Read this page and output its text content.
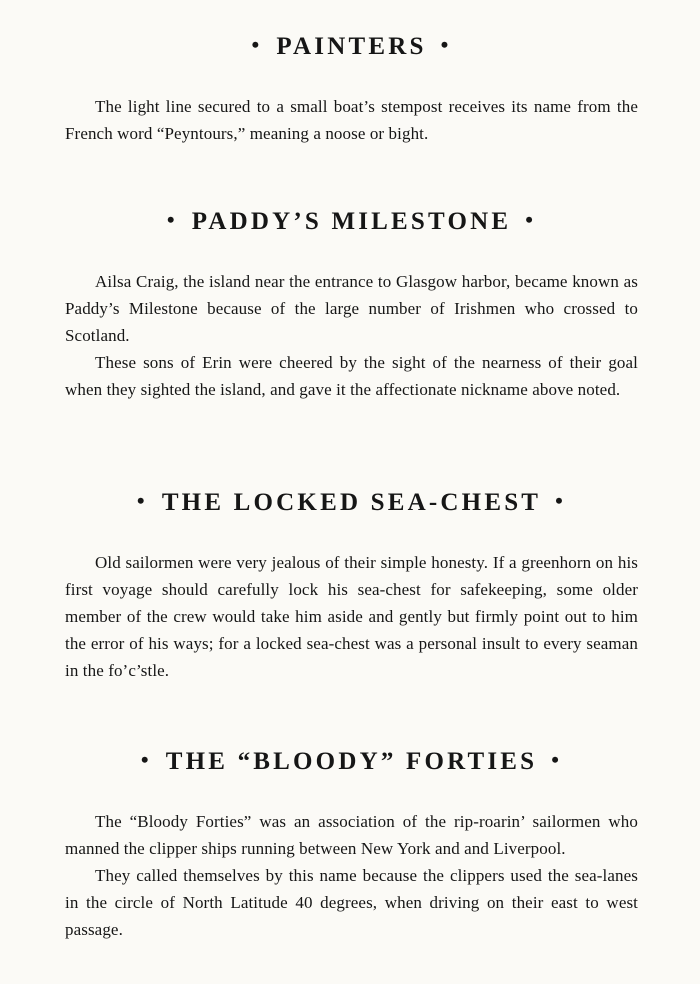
• PAINTERS •

The light line secured to a small boat’s stempost receives its name from the French word “Peyntours,” meaning a noose or bight.

• PADDY’S MILESTONE •

Ailsa Craig, the island near the entrance to Glasgow harbor, became known as Paddy’s Milestone because of the large number of Irishmen who crossed to Scotland.

These sons of Erin were cheered by the sight of the nearness of their goal when they sighted the island, and gave it the affectionate nickname above noted.

• THE LOCKED SEA-CHEST •

Old sailormen were very jealous of their simple honesty. If a greenhorn on his first voyage should carefully lock his sea-chest for safekeeping, some older member of the crew would take him aside and gently but firmly point out to him the error of his ways; for a locked sea-chest was a personal insult to every seaman in the fo’c’stle.

• THE “BLOODY” FORTIES •

The “Bloody Forties” was an association of the rip-roarin’ sailormen who manned the clipper ships running between New York and and Liverpool.

They called themselves by this name because the clippers used the sea-lanes in the circle of North Latitude 40 degrees, when driving on their east to west passage.
